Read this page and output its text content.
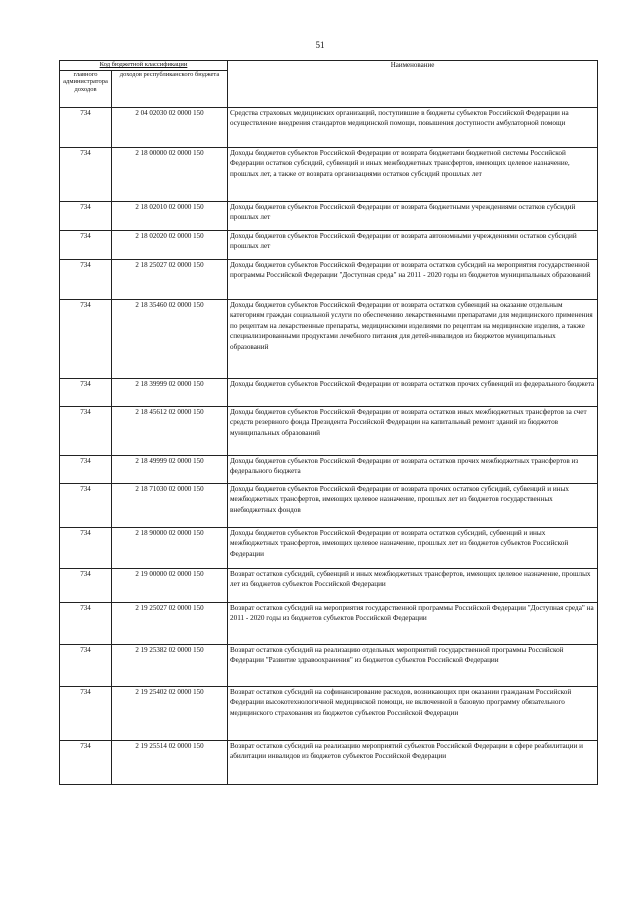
51
Код бюджетной классификации		Наименование
главного администратора доходов	доходов республиканского бюджета	
734	2 04 02030 02 0000 150	Средства страховых медицинских организаций, поступившие в бюджеты субъектов Российской Федерации на осуществление внедрения стандартов медицинской помощи, повышения доступности амбулаторной помощи
734	2 18 00000 02 0000 150	Доходы бюджетов субъектов Российской Федерации от возврата бюджетами бюджетной системы Российской Федерации остатков субсидий, субвенций и иных межбюджетных трансфертов, имеющих целевое назначение, прошлых лет, а также от возврата организациями остатков субсидий прошлых лет
734	2 18 02010 02 0000 150	Доходы бюджетов субъектов Российской Федерации от возврата бюджетными учреждениями остатков субсидий прошлых лет
734	2 18 02020 02 0000 150	Доходы бюджетов субъектов Российской Федерации от возврата автономными учреждениями остатков субсидий прошлых лет
734	2 18 25027 02 0000 150	Доходы бюджетов субъектов Российской Федерации от возврата остатков субсидий на мероприятия государственной программы Российской Федерации "Доступная среда" на 2011 - 2020 годы из бюджетов муниципальных образований
734	2 18 35460 02 0000 150	Доходы бюджетов субъектов Российской Федерации от возврата остатков субвенций на оказание отдельным категориям граждан социальной услуги по обеспечению лекарственными препаратами для медицинского применения по рецептам на лекарственные препараты, медицинскими изделиями по рецептам на медицинские изделия, а также специализированными продуктами лечебного питания для детей-инвалидов из бюджетов муниципальных образований
734	2 18 39999 02 0000 150	Доходы бюджетов субъектов Российской Федерации от возврата остатков прочих субвенций из федерального бюджета
734	2 18 45612 02 0000 150	Доходы бюджетов субъектов Российской Федерации от возврата остатков иных межбюджетных трансфертов за счет средств резервного фонда Президента Российской Федерации на капитальный ремонт зданий из бюджетов муниципальных образований
734	2 18 49999 02 0000 150	Доходы бюджетов субъектов Российской Федерации от возврата остатков прочих межбюджетных трансфертов из федерального бюджета
734	2 18 71030 02 0000 150	Доходы бюджетов субъектов Российской Федерации от возврата прочих остатков субсидий, субвенций и иных межбюджетных трансфертов, имеющих целевое назначение, прошлых лет из бюджетов государственных внебюджетных фондов
734	2 18 90000 02 0000 150	Доходы бюджетов субъектов Российской Федерации от возврата остатков субсидий, субвенций и иных межбюджетных трансфертов, имеющих целевое назначение, прошлых лет из бюджетов субъектов Российской Федерации
734	2 19 00000 02 0000 150	Возврат остатков субсидий, субвенций и иных межбюджетных трансфертов, имеющих целевое назначение, прошлых лет из бюджетов субъектов Российской Федерации
734	2 19 25027 02 0000 150	Возврат остатков субсидий на мероприятия государственной программы Российской Федерации "Доступная среда" на 2011 - 2020 годы из бюджетов субъектов Российской Федерации
734	2 19 25382 02 0000 150	Возврат остатков субсидий на реализацию отдельных мероприятий государственной программы Российской Федерации "Развитие здравоохранения" из бюджетов субъектов Российской Федерации
734	2 19 25402 02 0000 150	Возврат остатков субсидий на софинансирование расходов, возникающих при оказании гражданам Российской Федерации высокотехнологичной медицинской помощи, не включенной в базовую программу обязательного медицинского страхования из бюджетов субъектов Российской Федерации
734	2 19 25514 02 0000 150	Возврат остатков субсидий на реализацию мероприятий субъектов Российской Федерации в сфере реабилитации и абилитации инвалидов из бюджетов субъектов Российской Федерации
